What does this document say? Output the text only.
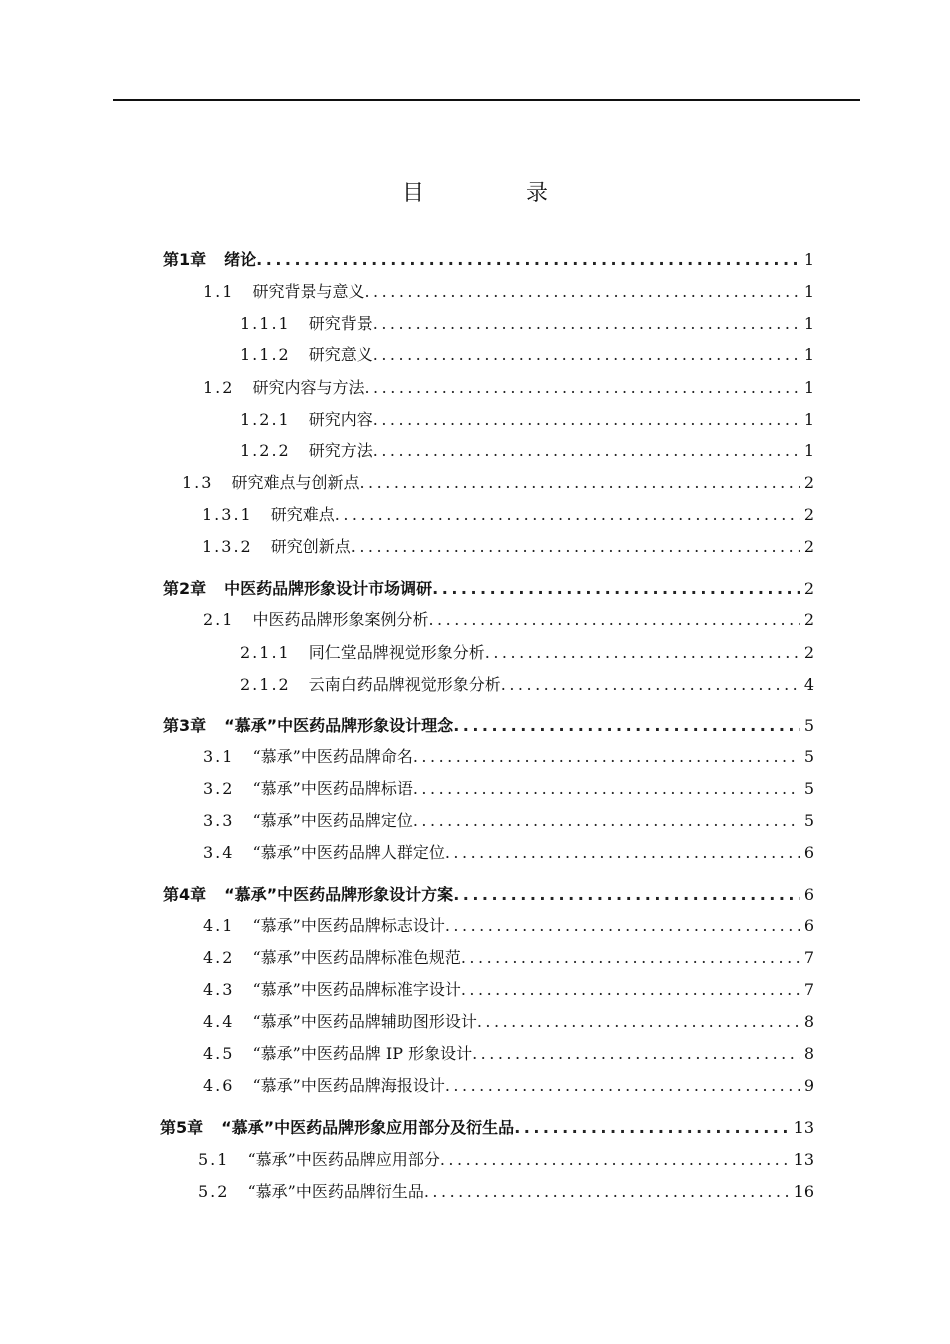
目　录
第1章 绪论 .....	1
1.1 研究背景与意义 .....	1
1.1.1 研究背景 .....	1
1.1.2 研究意义 .....	1
1.2 研究内容与方法 .....	1
1.2.1 研究内容 .....	1
1.2.2 研究方法 .....	1
1.3 研究难点与创新点 .....	2
1.3.1 研究难点 .....	2
1.3.2 研究创新点 .....	2
第2章 中医药品牌形象设计市场调研 .....	2
2.1 中医药品牌形象案例分析 .....	2
2.1.1 同仁堂品牌视觉形象分析 .....	2
2.1.2 云南白药品牌视觉形象分析 .....	4
第3章 “慕承”中医药品牌形象设计理念 .....	5
3.1 “慕承”中医药品牌命名 .....	5
3.2 “慕承”中医药品牌标语 .....	5
3.3 “慕承”中医药品牌定位 .....	5
3.4 “慕承”中医药品牌人群定位 .....	6
第4章 “慕承”中医药品牌形象设计方案 .....	6
4.1 “慕承”中医药品牌标志设计 .....	6
4.2 “慕承”中医药品牌标准色规范 .....	7
4.3 “慕承”中医药品牌标准字设计 .....	7
4.4 “慕承”中医药品牌辅助图形设计 .....	8
4.5 “慕承”中医药品牌 IP 形象设计 .....	8
4.6 “慕承”中医药品牌海报设计 .....	9
第5章 “慕承”中医药品牌形象应用部分及衍生品 .....	13
5.1 “慕承”中医药品牌应用部分 .....	13
5.2 “慕承”中医药品牌衍生品 .....	16
